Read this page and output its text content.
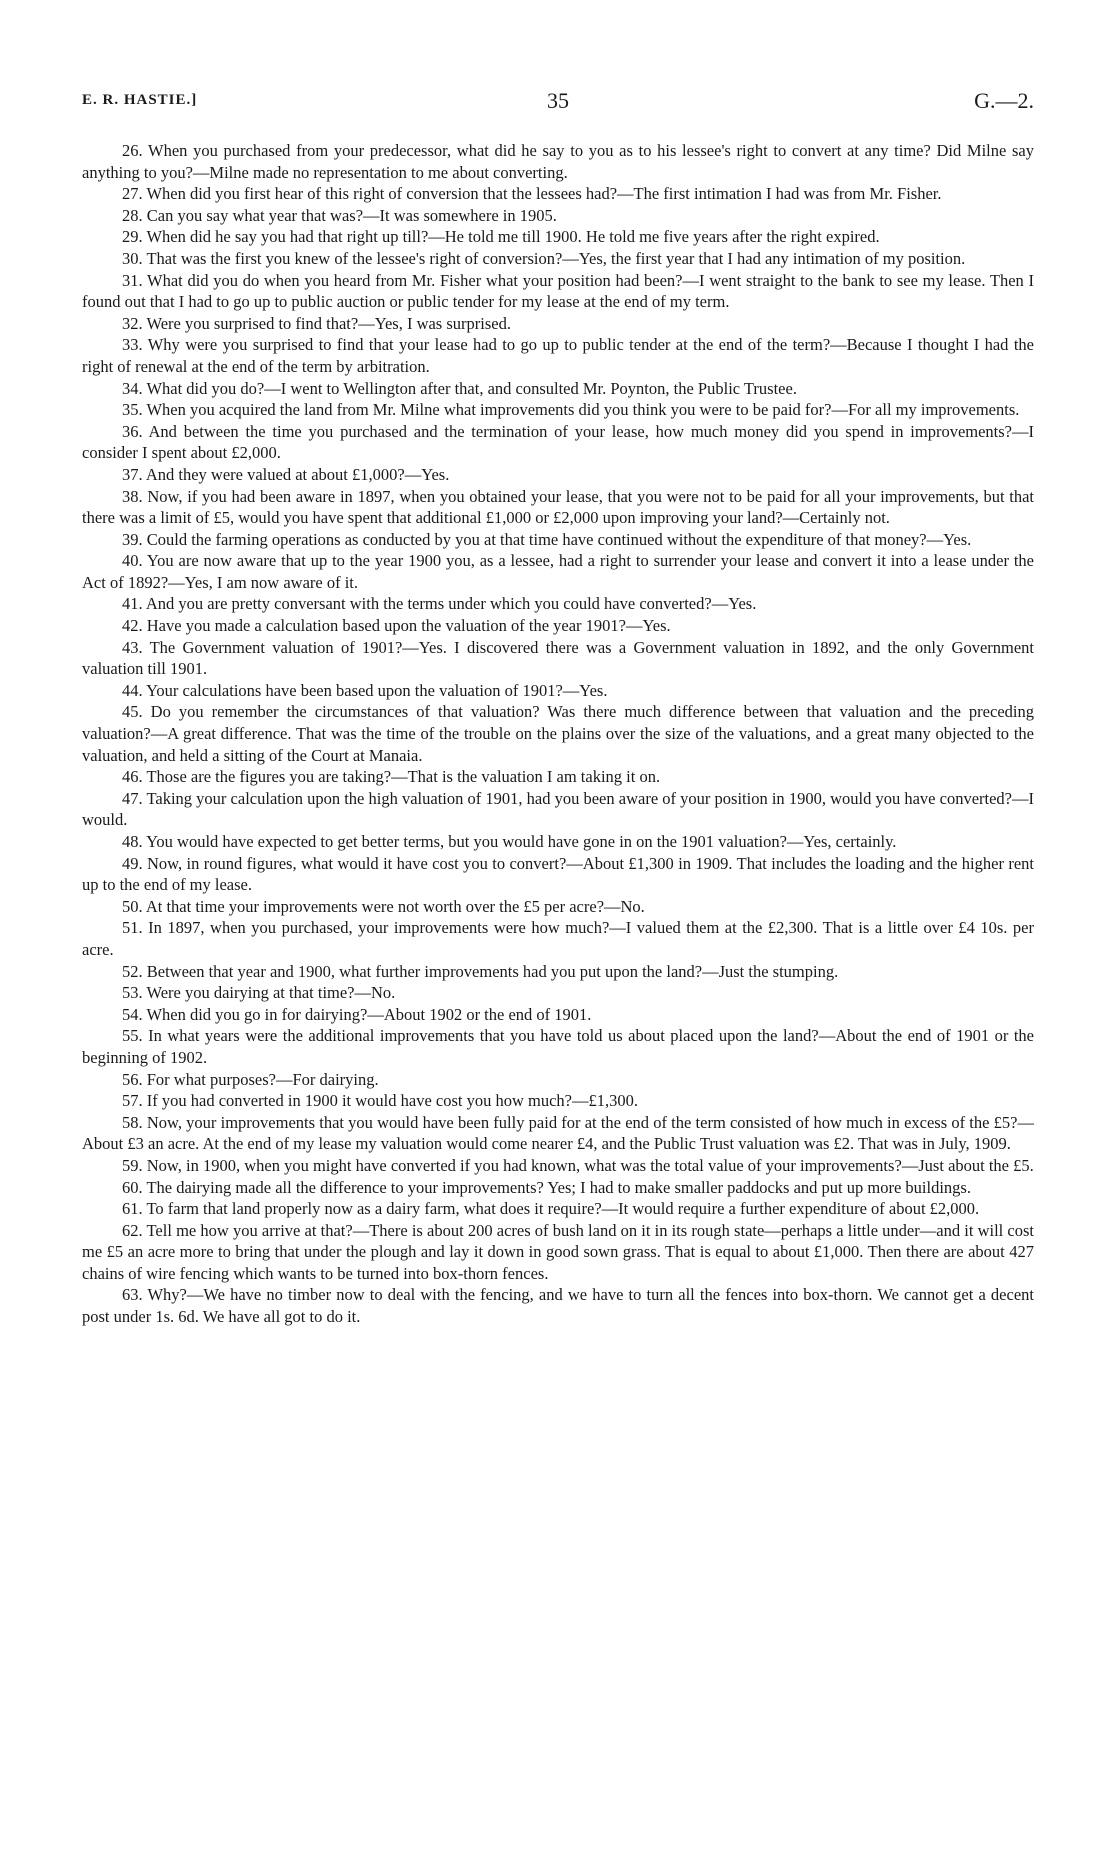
E. R. HASTIE.]	35	G.—2.

26. When you purchased from your predecessor, what did he say to you as to his lessee's right to convert at any time? Did Milne say anything to you?—Milne made no representation to me about converting.

27. When did you first hear of this right of conversion that the lessees had?—The first intimation I had was from Mr. Fisher.

28. Can you say what year that was?—It was somewhere in 1905.

29. When did he say you had that right up till?—He told me till 1900. He told me five years after the right expired.

30. That was the first you knew of the lessee's right of conversion?—Yes, the first year that I had any intimation of my position.

31. What did you do when you heard from Mr. Fisher what your position had been?—I went straight to the bank to see my lease. Then I found out that I had to go up to public auction or public tender for my lease at the end of my term.

32. Were you surprised to find that?—Yes, I was surprised.

33. Why were you surprised to find that your lease had to go up to public tender at the end of the term?—Because I thought I had the right of renewal at the end of the term by arbitration.

34. What did you do?—I went to Wellington after that, and consulted Mr. Poynton, the Public Trustee.

35. When you acquired the land from Mr. Milne what improvements did you think you were to be paid for?—For all my improvements.

36. And between the time you purchased and the termination of your lease, how much money did you spend in improvements?—I consider I spent about £2,000.

37. And they were valued at about £1,000?—Yes.

38. Now, if you had been aware in 1897, when you obtained your lease, that you were not to be paid for all your improvements, but that there was a limit of £5, would you have spent that additional £1,000 or £2,000 upon improving your land?—Certainly not.

39. Could the farming operations as conducted by you at that time have continued without the expenditure of that money?—Yes.

40. You are now aware that up to the year 1900 you, as a lessee, had a right to surrender your lease and convert it into a lease under the Act of 1892?—Yes, I am now aware of it.

41. And you are pretty conversant with the terms under which you could have converted?—Yes.

42. Have you made a calculation based upon the valuation of the year 1901?—Yes.

43. The Government valuation of 1901?—Yes. I discovered there was a Government valuation in 1892, and the only Government valuation till 1901.

44. Your calculations have been based upon the valuation of 1901?—Yes.

45. Do you remember the circumstances of that valuation? Was there much difference between that valuation and the preceding valuation?—A great difference. That was the time of the trouble on the plains over the size of the valuations, and a great many objected to the valuation, and held a sitting of the Court at Manaia.

46. Those are the figures you are taking?—That is the valuation I am taking it on.

47. Taking your calculation upon the high valuation of 1901, had you been aware of your position in 1900, would you have converted?—I would.

48. You would have expected to get better terms, but you would have gone in on the 1901 valuation?—Yes, certainly.

49. Now, in round figures, what would it have cost you to convert?—About £1,300 in 1909. That includes the loading and the higher rent up to the end of my lease.

50. At that time your improvements were not worth over the £5 per acre?—No.

51. In 1897, when you purchased, your improvements were how much?—I valued them at the £2,300. That is a little over £4 10s. per acre.

52. Between that year and 1900, what further improvements had you put upon the land?—Just the stumping.

53. Were you dairying at that time?—No.

54. When did you go in for dairying?—About 1902 or the end of 1901.

55. In what years were the additional improvements that you have told us about placed upon the land?—About the end of 1901 or the beginning of 1902.

56. For what purposes?—For dairying.

57. If you had converted in 1900 it would have cost you how much?—£1,300.

58. Now, your improvements that you would have been fully paid for at the end of the term consisted of how much in excess of the £5?—About £3 an acre. At the end of my lease my valuation would come nearer £4, and the Public Trust valuation was £2. That was in July, 1909.

59. Now, in 1900, when you might have converted if you had known, what was the total value of your improvements?—Just about the £5.

60. The dairying made all the difference to your improvements? Yes; I had to make smaller paddocks and put up more buildings.

61. To farm that land properly now as a dairy farm, what does it require?—It would require a further expenditure of about £2,000.

62. Tell me how you arrive at that?—There is about 200 acres of bush land on it in its rough state—perhaps a little under—and it will cost me £5 an acre more to bring that under the plough and lay it down in good sown grass. That is equal to about £1,000. Then there are about 427 chains of wire fencing which wants to be turned into box-thorn fences.

63. Why?—We have no timber now to deal with the fencing, and we have to turn all the fences into box-thorn. We cannot get a decent post under 1s. 6d. We have all got to do it.
